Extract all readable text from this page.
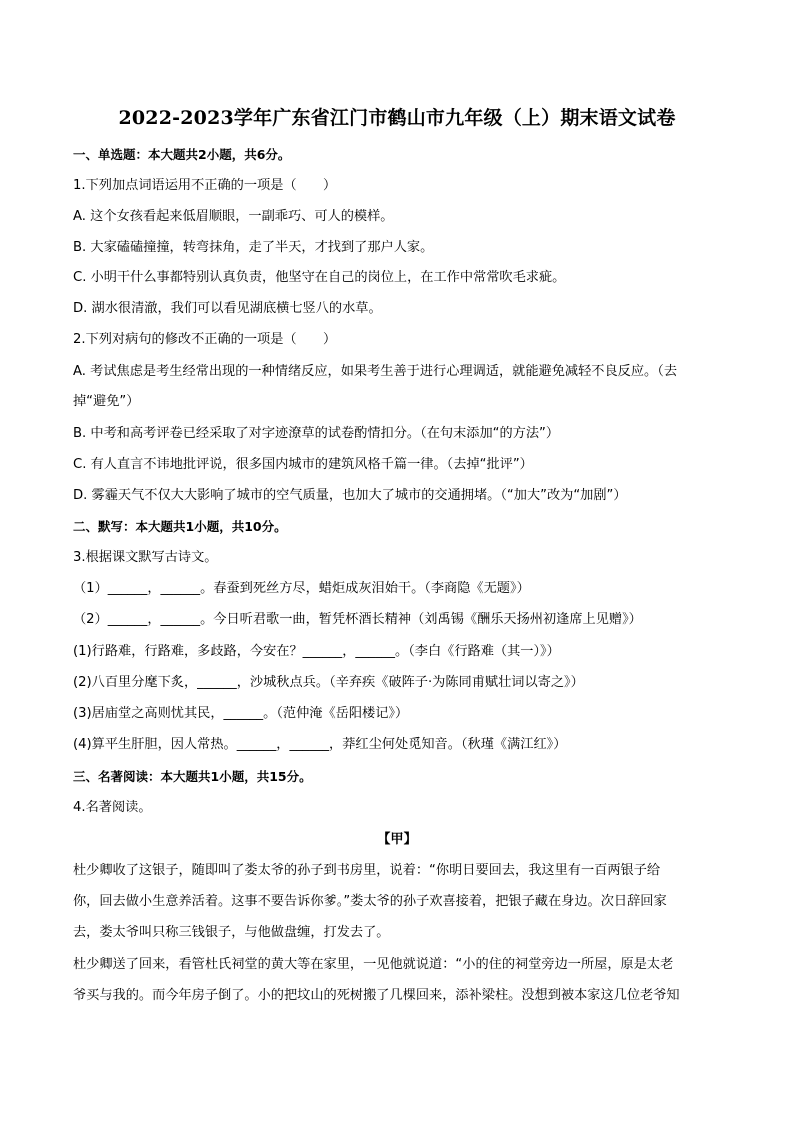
2022-2023学年广东省江门市鹤山市九年级（上）期末语文试卷
一、单选题：本大题共2小题，共6分。
1.下列加点词语运用不正确的一项是（　　）
A. 这个女孩看起来低眉顺眼，一副乖巧、可人的模样。
B. 大家磕磕撞撞，转弯抹角，走了半天，才找到了那户人家。
C. 小明干什么事都特别认真负责，他坚守在自己的岗位上，在工作中常常吹毛求疵。
D. 湖水很清澈，我们可以看见湖底横七竖八的水草。
2.下列对病句的修改不正确的一项是（　　）
A. 考试焦虑是考生经常出现的一种情绪反应，如果考生善于进行心理调适，就能避免减轻不良反应。（去
掉“避免”）
B. 中考和高考评卷已经采取了对字迹潦草的试卷酌情扣分。（在句末添加“的方法”）
C. 有人直言不讳地批评说，很多国内城市的建筑风格千篇一律。（去掉“批评”）
D. 雾霾天气不仅大大影响了城市的空气质量，也加大了城市的交通拥堵。（“加大”改为“加剧”）
二、默写：本大题共1小题，共10分。
3.根据课文默写古诗文。
（1）______，______。春蚕到死丝方尽，蜡炬成灰泪始干。（李商隐《无题》）
（2）______，______。今日听君歌一曲，暂凭杯酒长精神（刘禹锡《酬乐天扬州初逢席上见赠》）
(1)行路难，行路难，多歧路，今安在？______，______。（李白《行路难（其一）》）
(2)八百里分麾下炙，______，沙城秋点兵。（辛弃疾《破阵子·为陈同甫赋壮词以寄之》）
(3)居庙堂之高则忧其民，______。（范仲淹《岳阳楼记》）
(4)算平生肝胆，因人常热。______，______，莽红尘何处觅知音。（秋瑾《满江红》）
三、名著阅读：本大题共1小题，共15分。
4.名著阅读。
【甲】
杜少卿收了这银子，随即叫了娄太爷的孙子到书房里，说着：“你明日要回去，我这里有一百两银子给
你，回去做小生意养活着。这事不要告诉你爹。”娄太爷的孙子欢喜接着，把银子藏在身边。次日辞回家
去，娄太爷叫只称三钱银子，与他做盘缠，打发去了。
杜少卿送了回来，看管杜氏祠堂的黄大等在家里，一见他就说道：“小的住的祠堂旁边一所屋，原是太老
爷买与我的。而今年房子倒了。小的把坟山的死树搬了几棵回来，添补梁柱。没想到被本家这几位老爷知
